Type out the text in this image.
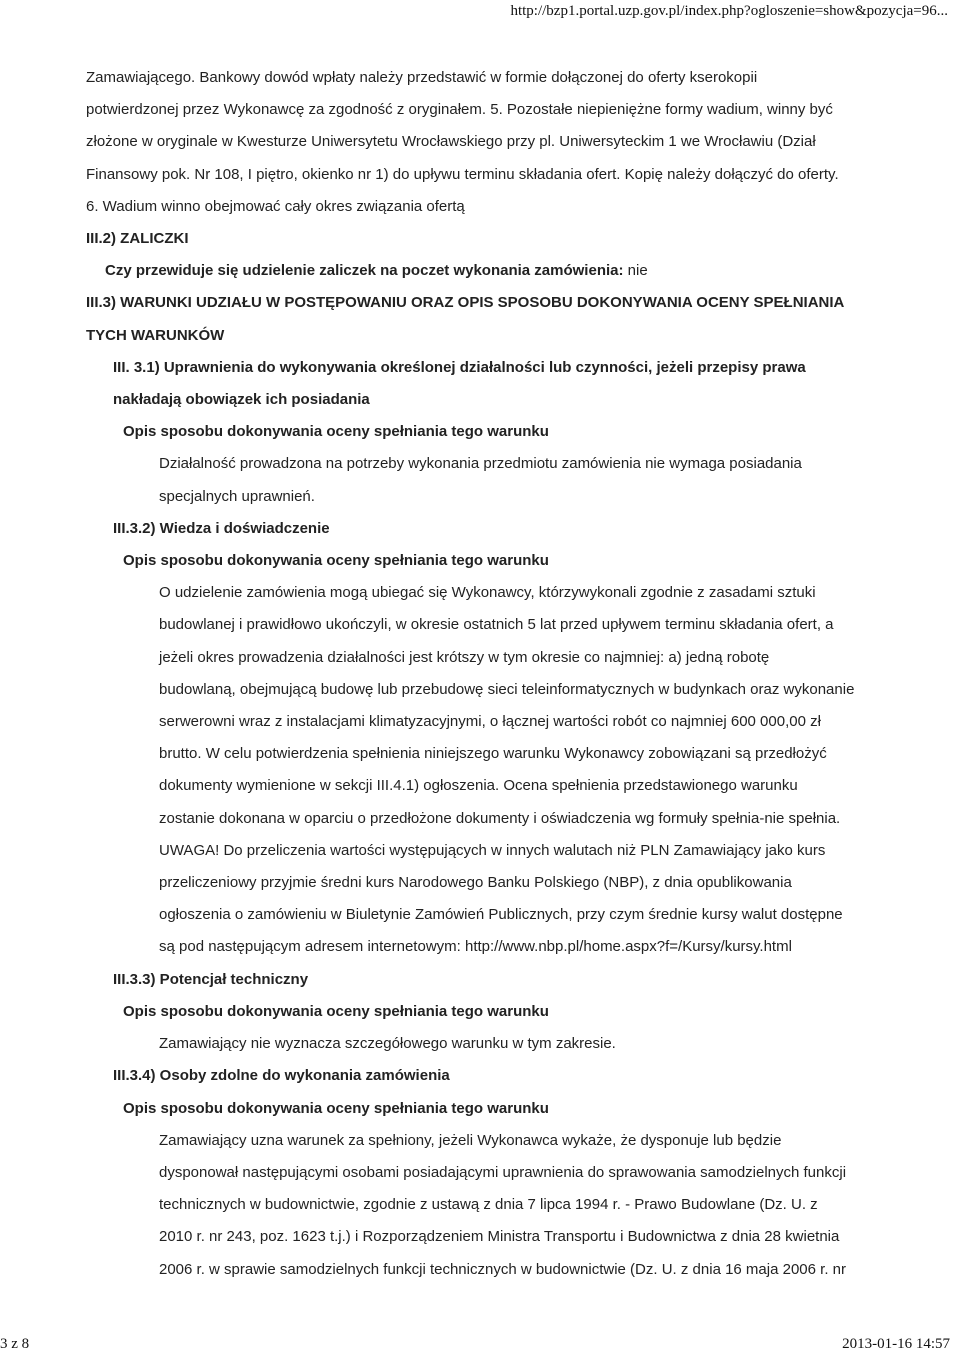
http://bzp1.portal.uzp.gov.pl/index.php?ogloszenie=show&pozycja=96...
Zamawiającego. Bankowy dowód wpłaty należy przedstawić w formie dołączonej do oferty kserokopii
potwierdzonej przez Wykonawcę za zgodność z oryginałem. 5. Pozostałe niepieniężne formy wadium, winny być
złożone w oryginale w Kwesturze Uniwersytetu Wrocławskiego przy pl. Uniwersyteckim 1 we Wrocławiu (Dział
Finansowy pok. Nr 108, I piętro, okienko nr 1) do upływu terminu składania ofert. Kopię należy dołączyć do oferty.
6. Wadium winno obejmować cały okres związania ofertą
III.2) ZALICZKI
Czy przewiduje się udzielenie zaliczek na poczet wykonania zamówienia: nie
III.3) WARUNKI UDZIAŁU W POSTĘPOWANIU ORAZ OPIS SPOSOBU DOKONYWANIA OCENY SPEŁNIANIA
TYCH WARUNKÓW
III. 3.1) Uprawnienia do wykonywania określonej działalności lub czynności, jeżeli przepisy prawa
nakładają obowiązek ich posiadania
Opis sposobu dokonywania oceny spełniania tego warunku
Działalność prowadzona na potrzeby wykonania przedmiotu zamówienia nie wymaga posiadania
specjalnych uprawnień.
III.3.2) Wiedza i doświadczenie
Opis sposobu dokonywania oceny spełniania tego warunku
O udzielenie zamówienia mogą ubiegać się Wykonawcy, którzywykonali zgodnie z zasadami sztuki
budowlanej i prawidłowo ukończyli, w okresie ostatnich 5 lat przed upływem terminu składania ofert, a
jeżeli okres prowadzenia działalności jest krótszy w tym okresie co najmniej: a) jedną robotę
budowlaną, obejmującą budowę lub przebudowę sieci teleinformatycznych w budynkach oraz wykonanie
serwerowni wraz z instalacjami klimatyzacyjnymi, o łącznej wartości robót co najmniej 600 000,00 zł
brutto. W celu potwierdzenia spełnienia niniejszego warunku Wykonawcy zobowiązani są przedłożyć
dokumenty wymienione w sekcji III.4.1) ogłoszenia. Ocena spełnienia przedstawionego warunku
zostanie dokonana w oparciu o przedłożone dokumenty i oświadczenia wg formuły spełnia-nie spełnia.
UWAGA! Do przeliczenia wartości występujących w innych walutach niż PLN Zamawiający jako kurs
przeliczeniowy przyjmie średni kurs Narodowego Banku Polskiego (NBP), z dnia opublikowania
ogłoszenia o zamówieniu w Biuletynie Zamówień Publicznych, przy czym średnie kursy walut dostępne
są pod następującym adresem internetowym: http://www.nbp.pl/home.aspx?f=/Kursy/kursy.html
III.3.3) Potencjał techniczny
Opis sposobu dokonywania oceny spełniania tego warunku
Zamawiający nie wyznacza szczegółowego warunku w tym zakresie.
III.3.4) Osoby zdolne do wykonania zamówienia
Opis sposobu dokonywania oceny spełniania tego warunku
Zamawiający uzna warunek za spełniony, jeżeli Wykonawca wykaże, że dysponuje lub będzie
dysponował następującymi osobami posiadającymi uprawnienia do sprawowania samodzielnych funkcji
technicznych w budownictwie, zgodnie z ustawą z dnia 7 lipca 1994 r. - Prawo Budowlane (Dz. U. z
2010 r. nr 243, poz. 1623 t.j.) i Rozporządzeniem Ministra Transportu i Budownictwa z dnia 28 kwietnia
2006 r. w sprawie samodzielnych funkcji technicznych w budownictwie (Dz. U. z dnia 16 maja 2006 r. nr
3 z 8	2013-01-16 14:57
